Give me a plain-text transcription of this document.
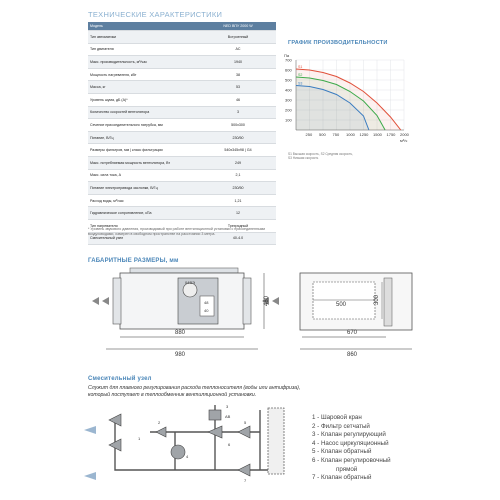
ТЕХНИЧЕСКИЕ ХАРАКТЕРИСТИКИ
Модель	NED ВПУ 2000 W
Тип автоматики	Встроенный
Тип двигателя	AC
Макс. производительность, м³/час	1940
Мощность нагревателя, кВт	38
Масса, кг	53
Уровень шума, дБ (А)*	46
Количество скоростей вентилятора	3
Сечение присоединительного патрубка, мм	500x300
Питание, В/Гц	230/50
Размеры фильтров, мм | класс фильтрации	540x345x98 | G4
Макс. потребляемая мощность вентилятора, Вт	249
Макс. сила тока, А	2,1
Питание электропривода заслонки, В/Гц	230/50
Расход воды, м³/час	1,21
Гидравлическое сопротивление, кПа	12
Тип нагревателя	Трехрядный
Смесительный узел	40-4.0
* Уровень звукового давления, производимый при работе вентиляционной установки с присоединенными воздуховодами, измерен в свободном пространстве на расстоянии 3 метра.
ГРАФИК ПРОИЗВОДИТЕЛЬНОСТИ
250 500 750 1000 1250 1500 1750 2000
100
200
300
400
500
600
700
Па
м³/ч
S1
S2
S3
S1 Высшая скорость, S2 Средняя скорость,
S3 Низшая скорость
ГАБАРИТНЫЕ РАЗМЕРЫ, мм
880
980
480
670
860
500	300
48
40
04ВЭ
Смесительный узел
Служит для плавного регулирования расхода теплоносителя (воды или антифриза),
который поступает в теплообменник вентиляционной установки.
1
2
3
4
5
6
7
АВ	1 - Шаровой кран
2 - Фильтр сетчатый
3 - Клапан регулирующий
4 - Насос циркуляционный
5 - Клапан обратный
6 - Клапан регулировочный
прямой
7 - Клапан обратный
